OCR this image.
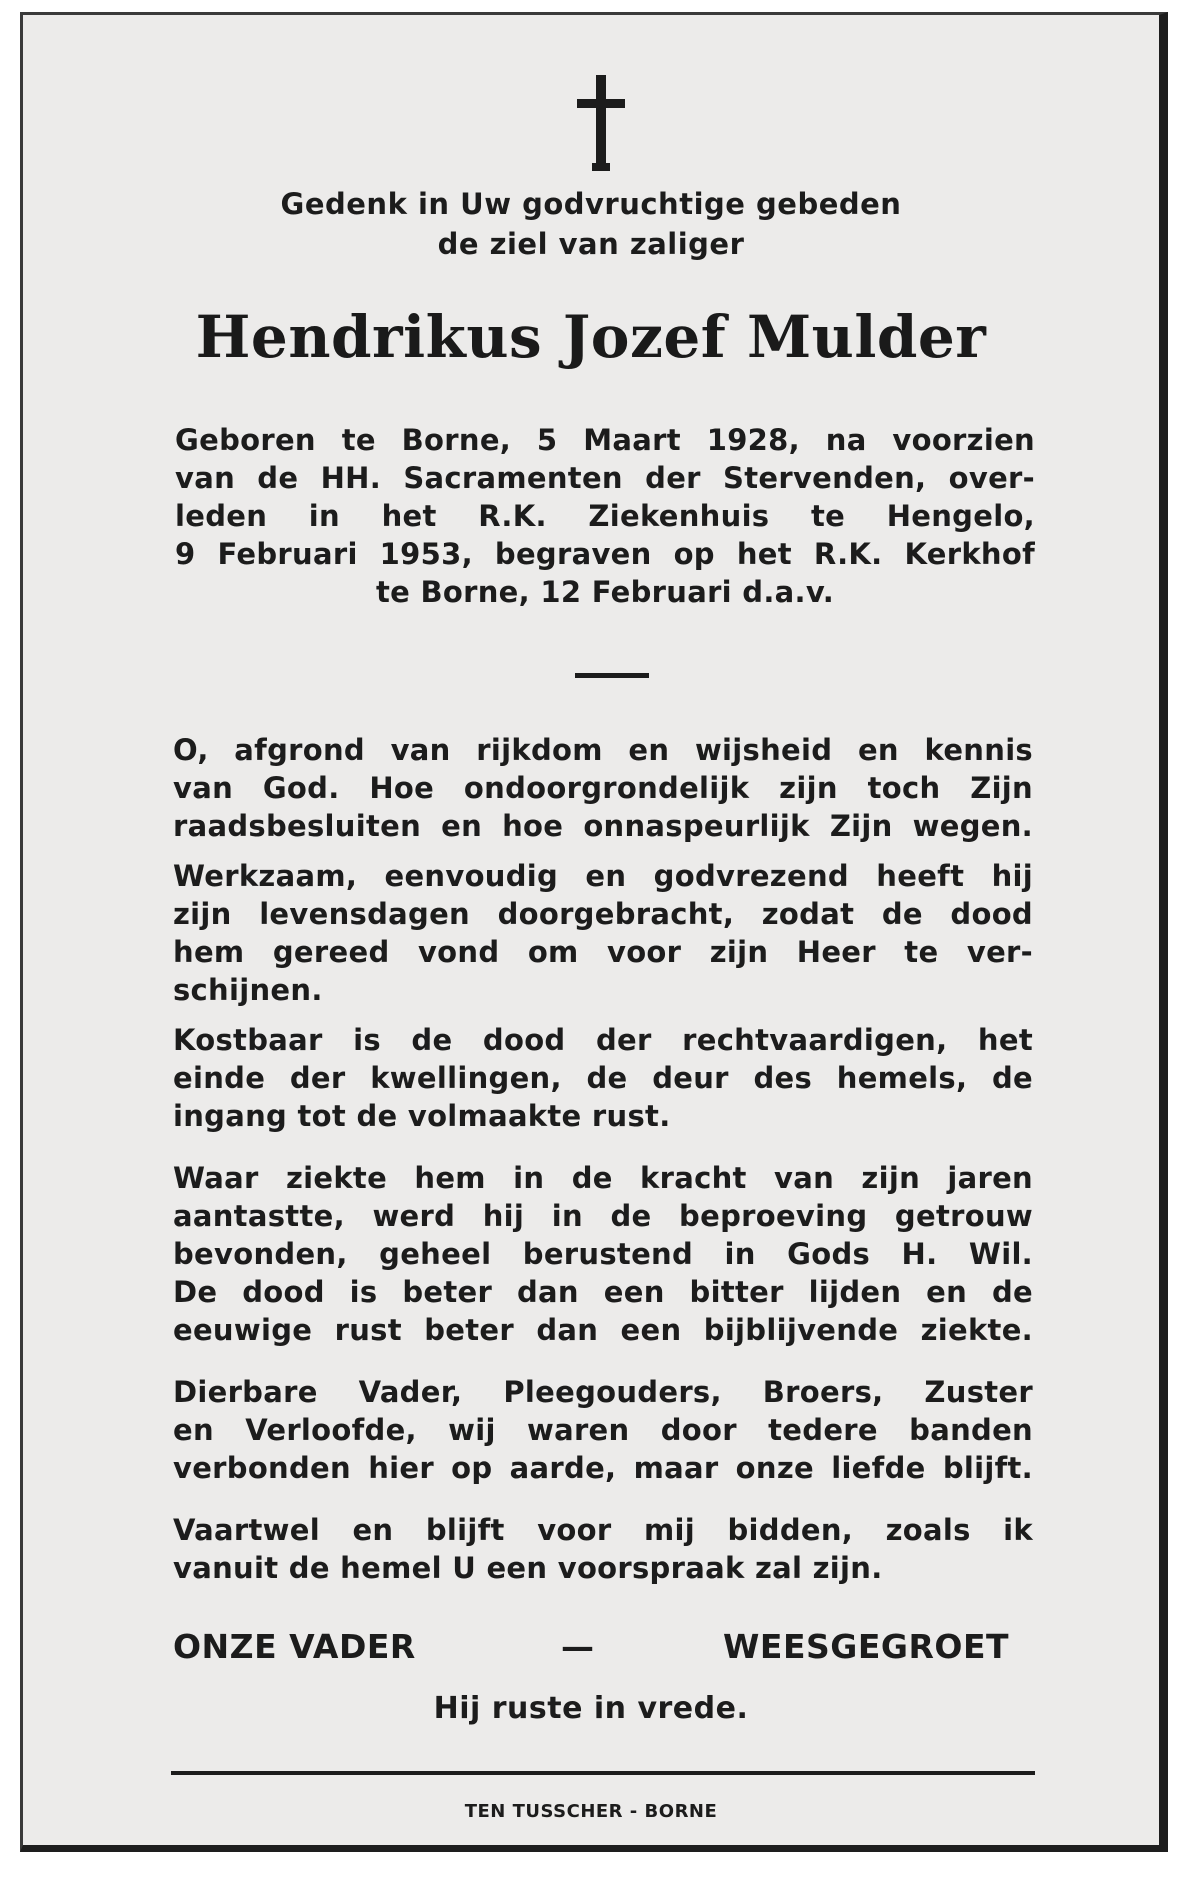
Gedenk in Uw godvruchtige gebeden
de ziel van zaliger
Hendrikus Jozef Mulder
Geboren te Borne, 5 Maart 1928, na voorzien
van de HH. Sacramenten der Stervenden, over-
leden in het R.K. Ziekenhuis te Hengelo,
9 Februari 1953, begraven op het R.K. Kerkhof
te Borne, 12 Februari d.a.v.
O, afgrond van rijkdom en wijsheid en kennis
van God. Hoe ondoorgrondelijk zijn toch Zijn
raadsbesluiten en hoe onnaspeurlijk Zijn wegen.
Werkzaam, eenvoudig en godvrezend heeft hij
zijn levensdagen doorgebracht, zodat de dood
hem gereed vond om voor zijn Heer te ver-
schijnen.
Kostbaar is de dood der rechtvaardigen, het
einde der kwellingen, de deur des hemels, de
ingang tot de volmaakte rust.
Waar ziekte hem in de kracht van zijn jaren
aantastte, werd hij in de beproeving getrouw
bevonden, geheel berustend in Gods H. Wil.
De dood is beter dan een bitter lijden en de
eeuwige rust beter dan een bijblijvende ziekte.
Dierbare Vader, Pleegouders, Broers, Zuster
en Verloofde, wij waren door tedere banden
verbonden hier op aarde, maar onze liefde blijft.
Vaartwel en blijft voor mij bidden, zoals ik
vanuit de hemel U een voorspraak zal zijn.
ONZE VADER	—	WEESGEGROET
Hij ruste in vrede.
TEN TUSSCHER - BORNE
